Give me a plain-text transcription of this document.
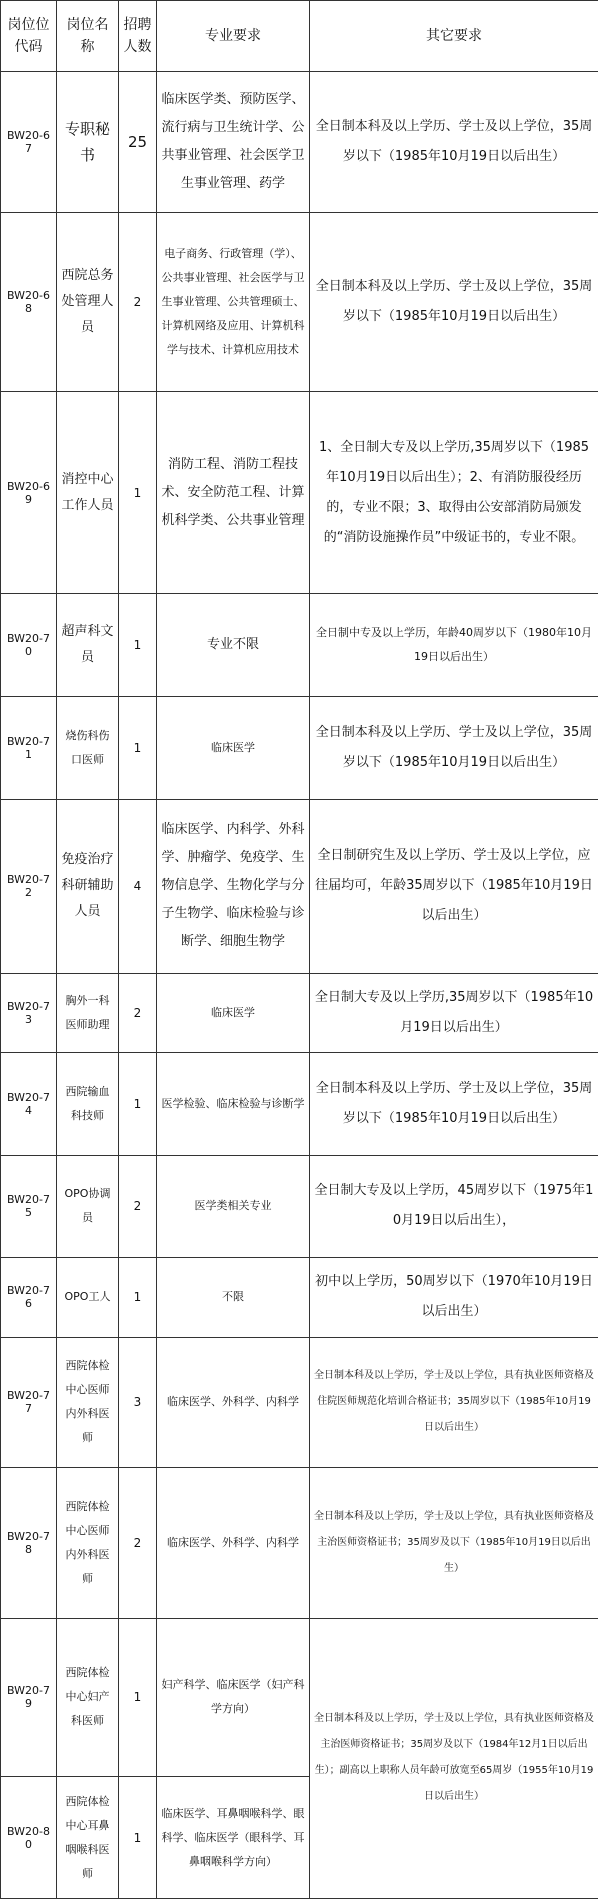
岗位位代码	岗位名称	招聘人数	专业要求	其它要求
BW20-67	专职秘书	25	临床医学类、预防医学、流行病与卫生统计学、公共事业管理、社会医学卫生事业管理、药学	全日制本科及以上学历、学士及以上学位，35周岁以下（1985年10月19日以后出生）
BW20-68	西院总务处管理人员	2	电子商务、行政管理（学）、公共事业管理、社会医学与卫生事业管理、公共管理硕士、计算机网络及应用、计算机科学与技术、计算机应用技术	全日制本科及以上学历、学士及以上学位，35周岁以下（1985年10月19日以后出生）
BW20-69	消控中心工作人员	1	消防工程、消防工程技术、安全防范工程、计算机科学类、公共事业管理	1、全日制大专及以上学历,35周岁以下（1985年10月19日以后出生）；2、有消防服役经历的，专业不限；3、取得由公安部消防局颁发的“消防设施操作员”中级证书的，专业不限。
BW20-70	超声科文员	1	专业不限	全日制中专及以上学历，年龄40周岁以下（1980年10月19日以后出生）
BW20-71	烧伤科伤口医师	1	临床医学	全日制本科及以上学历、学士及以上学位，35周岁以下（1985年10月19日以后出生）
BW20-72	免疫治疗科研辅助人员	4	临床医学、内科学、外科学、肿瘤学、免疫学、生物信息学、生物化学与分子生物学、临床检验与诊断学、细胞生物学	全日制研究生及以上学历、学士及以上学位，应往届均可，年龄35周岁以下（1985年10月19日以后出生）
BW20-73	胸外一科医师助理	2	临床医学	全日制大专及以上学历,35周岁以下（1985年10月19日以后出生）
BW20-74	西院输血科技师	1	医学检验、临床检验与诊断学	全日制本科及以上学历、学士及以上学位，35周岁以下（1985年10月19日以后出生）
BW20-75	OPO协调员	2	医学类相关专业	全日制大专及以上学历，45周岁以下（1975年10月19日以后出生），
BW20-76	OPO工人	1	不限	初中以上学历，50周岁以下（1970年10月19日以后出生）
BW20-77	西院体检中心医师内外科医师	3	临床医学、外科学、内科学	全日制本科及以上学历，学士及以上学位，具有执业医师资格及住院医师规范化培训合格证书；35周岁以下（1985年10月19日以后出生）
BW20-78	西院体检中心医师内外科医师	2	临床医学、外科学、内科学	全日制本科及以上学历，学士及以上学位，具有执业医师资格及主治医师资格证书；35周岁及以下（1985年10月19日以后出生）
BW20-79	西院体检中心妇产科医师	1	妇产科学、临床医学（妇产科学方向）	全日制本科及以上学历，学士及以上学位，具有执业医师资格及主治医师资格证书；35周岁及以下（1984年12月1日以后出生）；副高以上职称人员年龄可放宽至65周岁（1955年10月19日以后出生）
BW20-80	西院体检中心耳鼻咽喉科医师	1	临床医学、耳鼻咽喉科学、眼科学、临床医学（眼科学、耳鼻咽喉科学方向）	
